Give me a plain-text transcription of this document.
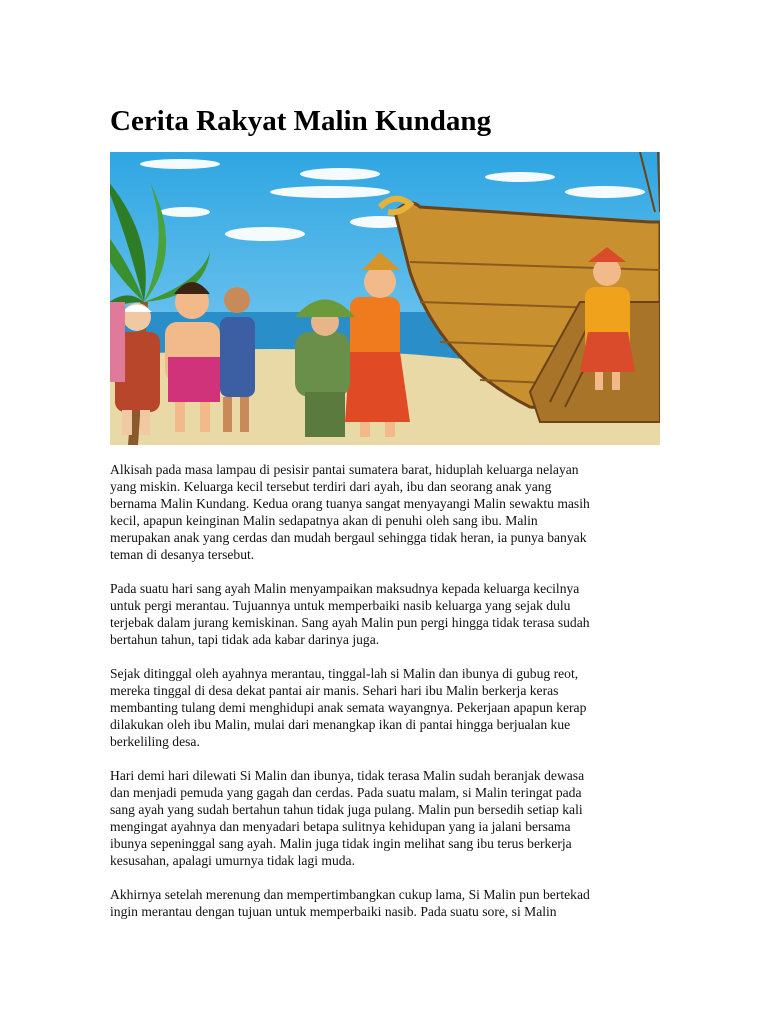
Cerita Rakyat Malin Kundang

Alkisah pada masa lampau di pesisir pantai sumatera barat, hiduplah keluarga nelayan
yang miskin. Keluarga kecil tersebut terdiri dari ayah, ibu dan seorang anak yang
bernama Malin Kundang. Kedua orang tuanya sangat menyayangi Malin sewaktu masih
kecil, apapun keinginan Malin sedapatnya akan di penuhi oleh sang ibu. Malin
merupakan anak yang cerdas dan mudah bergaul sehingga tidak heran, ia punya banyak
teman di desanya tersebut.

Pada suatu hari sang ayah Malin menyampaikan maksudnya kepada keluarga kecilnya
untuk pergi merantau. Tujuannya untuk memperbaiki nasib keluarga yang sejak dulu
terjebak dalam jurang kemiskinan. Sang ayah Malin pun pergi hingga tidak terasa sudah
bertahun tahun, tapi tidak ada kabar darinya juga.

Sejak ditinggal oleh ayahnya merantau, tinggal-lah si Malin dan ibunya di gubug reot,
mereka tinggal di desa dekat pantai air manis. Sehari hari ibu Malin berkerja keras
membanting tulang demi menghidupi anak semata wayangnya. Pekerjaan apapun kerap
dilakukan oleh ibu Malin, mulai dari menangkap ikan di pantai hingga berjualan kue
berkeliling desa.

Hari demi hari dilewati Si Malin dan ibunya, tidak terasa Malin sudah beranjak dewasa
dan menjadi pemuda yang gagah dan cerdas. Pada suatu malam, si Malin teringat pada
sang ayah yang sudah bertahun tahun tidak juga pulang. Malin pun bersedih setiap kali
mengingat ayahnya dan menyadari betapa sulitnya kehidupan yang ia jalani bersama
ibunya sepeninggal sang ayah. Malin juga tidak ingin melihat sang ibu terus berkerja
kesusahan, apalagi umurnya tidak lagi muda.

Akhirnya setelah merenung dan mempertimbangkan cukup lama, Si Malin pun bertekad
ingin merantau dengan tujuan untuk memperbaiki nasib. Pada suatu sore, si Malin
